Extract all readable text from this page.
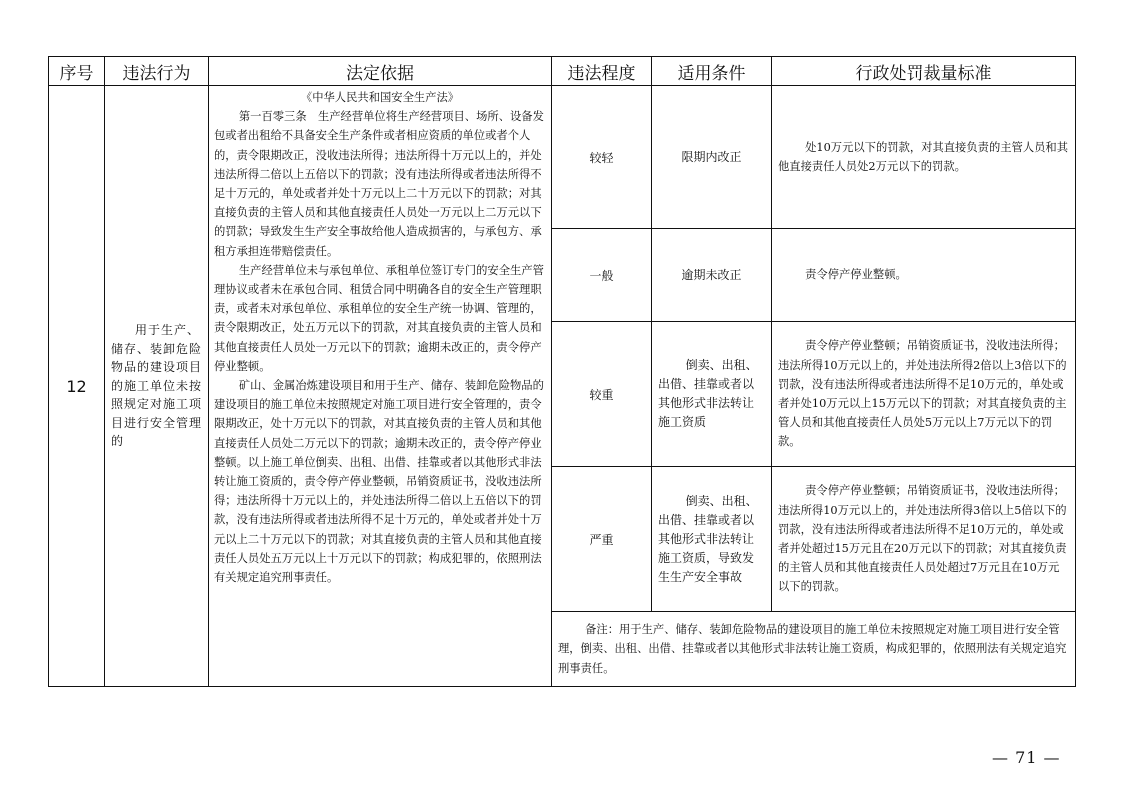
序号	违法行为	法定依据	违法程度	适用条件	行政处罚裁量标准
12	用于生产、储存、装卸危险物品的建设项目的施工单位未按照规定对施工项目进行安全管理的	《中华人民共和国安全生产法》

第一百零三条　生产经营单位将生产经营项目、场所、设备发包或者出租给不具备安全生产条件或者相应资质的单位或者个人的，责令限期改正，没收违法所得；违法所得十万元以上的，并处违法所得二倍以上五倍以下的罚款；没有违法所得或者违法所得不足十万元的，单处或者并处十万元以上二十万元以下的罚款；对其直接负责的主管人员和其他直接责任人员处一万元以上二万元以下的罚款；导致发生生产安全事故给他人造成损害的，与承包方、承租方承担连带赔偿责任。

生产经营单位未与承包单位、承租单位签订专门的安全生产管理协议或者未在承包合同、租赁合同中明确各自的安全生产管理职责，或者未对承包单位、承租单位的安全生产统一协调、管理的，责令限期改正，处五万元以下的罚款，对其直接负责的主管人员和其他直接责任人员处一万元以下的罚款；逾期未改正的，责令停产停业整顿。

矿山、金属冶炼建设项目和用于生产、储存、装卸危险物品的建设项目的施工单位未按照规定对施工项目进行安全管理的，责令限期改正，处十万元以下的罚款，对其直接负责的主管人员和其他直接责任人员处二万元以下的罚款；逾期未改正的，责令停产停业整顿。以上施工单位倒卖、出租、出借、挂靠或者以其他形式非法转让施工资质的，责令停产停业整顿，吊销资质证书，没收违法所得；违法所得十万元以上的，并处违法所得二倍以上五倍以下的罚款，没有违法所得或者违法所得不足十万元的，单处或者并处十万元以上二十万元以下的罚款；对其直接负责的主管人员和其他直接责任人员处五万元以上十万元以下的罚款；构成犯罪的，依照刑法有关规定追究刑事责任。	较轻	限期内改正	处10万元以下的罚款，对其直接负责的主管人员和其他直接责任人员处2万元以下的罚款。

			一般	逾期未改正	责令停产停业整顿。

			较重	倒卖、出租、出借、挂靠或者以其他形式非法转让施工资质	责令停产停业整顿；吊销资质证书，没收违法所得；违法所得10万元以上的，并处违法所得2倍以上3倍以下的罚款，没有违法所得或者违法所得不足10万元的，单处或者并处10万元以上15万元以下的罚款；对其直接负责的主管人员和其他直接责任人员处5万元以上7万元以下的罚款。

			严重	倒卖、出租、出借、挂靠或者以其他形式非法转让施工资质，导致发生生产安全事故	责令停产停业整顿；吊销资质证书，没收违法所得；违法所得10万元以上的，并处违法所得3倍以上5倍以下的罚款，没有违法所得或者违法所得不足10万元的，单处或者并处超过15万元且在20万元以下的罚款；对其直接负责的主管人员和其他直接责任人员处超过7万元且在10万元以下的罚款。

			备注：用于生产、储存、装卸危险物品的建设项目的施工单位未按照规定对施工项目进行安全管理，倒卖、出租、出借、挂靠或者以其他形式非法转让施工资质，构成犯罪的，依照刑法有关规定追究刑事责任。		

— 71 —
